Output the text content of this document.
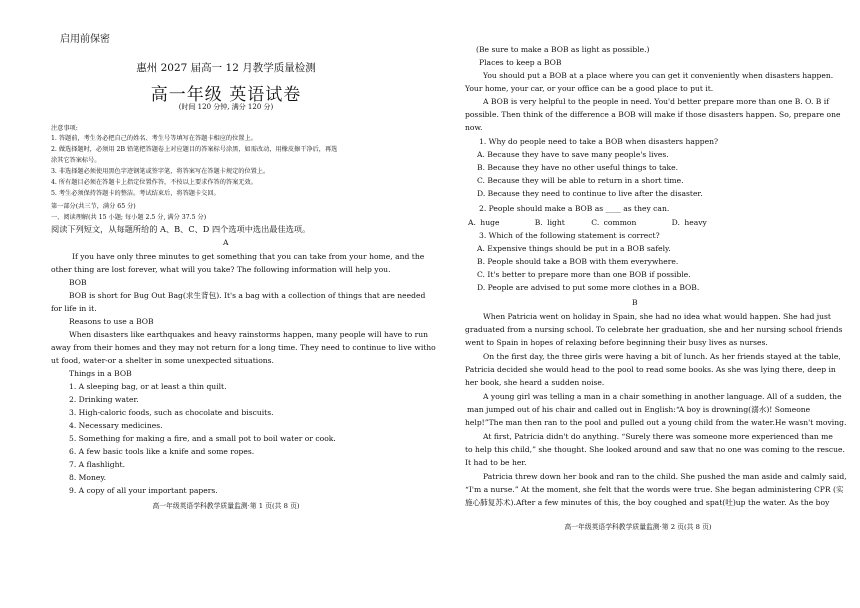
启用前保密
惠州 2027 届高一 12 月教学质量检测
高一年级 英语试卷
(时间 120 分钟, 满分 120 分)
注意事项:
1. 答题前，考生务必把自己的姓名、考生号等填写在答题卡相应的位置上。
2. 做选择题时，必须用 2B 铅笔把答题卷上对应题目的答案标号涂黑，如需改动，用橡皮擦干净后，再选
涂其它答案标号。
3. 非选择题必须使用黑色字迹钢笔或签字笔，将答案写在答题卡规定的位置上。
4. 所有题目必须在答题卡上指定位置作答，不按以上要求作答的答案无效。
5. 考生必须保持答题卡的整洁。考试结束后，将答题卡交回。
第一部分(共三节，满分 65 分)
一、阅读理解(共 15 小题; 每小题 2.5 分, 满分 37.5 分)
阅读下列短文，从每题所给的 A、B、C、D 四个选项中选出最佳选项。
A
If you have only three minutes to get something that you can take from your home, and the
other thing are lost forever, what will you take? The following information will help you.
BOB
BOB is short for Bug Out Bag(求生背包). It's a bag with a collection of things that are needed
for life in it.
Reasons to use a BOB
When disasters like earthquakes and heavy rainstorms happen, many people will have to run
away from their homes and they may not return for a long time. They need to continue to live witho
ut food, water-or a shelter in some unexpected situations.
Things in a BOB
1. A sleeping bag, or at least a thin quilt.
2. Drinking water.
3. High-caloric foods, such as chocolate and biscuits.
4. Necessary medicines.
5. Something for making a fire, and a small pot to boil water or cook.
6. A few basic tools like a knife and some ropes.
7. A flashlight.
8. Money.
9. A copy of all your important papers.
高一年级英语学科教学质量监测·第 1 页(共 8 页)
(Be sure to make a BOB as light as possible.)
Places to keep a BOB
You should put a BOB at a place where you can get it conveniently when disasters happen.
Your home, your car, or your office can be a good place to put it.
A BOB is very helpful to the people in need. You'd better prepare more than one B. O. B if
possible. Then think of the difference a BOB will make if those disasters happen. So, prepare one
now.
1. Why do people need to take a BOB when disasters happen?
A. Because they have to save many people's lives.
B. Because they have no other useful things to take.
C. Because they will be able to return in a short time.
D. Because they need to continue to live after the disaster.
2. People should make a BOB as ____ as they can.
A. huge        B. light      C. common        D. heavy
3. Which of the following statement is correct?
A. Expensive things should be put in a BOB safely.
B. People should take a BOB with them everywhere.
C. It's better to prepare more than one BOB if possible.
D. People are advised to put some more clothes in a BOB.
B
When Patricia went on holiday in Spain, she had no idea what would happen. She had just
graduated from a nursing school. To celebrate her graduation, she and her nursing school friends
went to Spain in hopes of relaxing before beginning their busy lives as nurses.
On the first day, the three girls were having a bit of lunch. As her friends stayed at the table,
Patricia decided she would head to the pool to read some books. As she was lying there, deep in
her book, she heard a sudden noise.
A young girl was telling a man in a chair something in another language. All of a sudden, the
man jumped out of his chair and called out in English:“A boy is drowning(溺水)! Someone
help!”The man then ran to the pool and pulled out a young child from the water.He wasn't moving.
At first, Patricia didn't do anything. “Surely there was someone more experienced than me
to help this child,” she thought. She looked around and saw that no one was coming to the rescue.
It had to be her.
Patricia threw down her book and ran to the child. She pushed the man aside and calmly said,
“I'm a nurse.” At the moment, she felt that the words were true. She began administering CPR (实
施心肺复苏术).After a few minutes of this, the boy coughed and spat(吐)up the water. As the boy
高一年级英语学科教学质量监测·第 2 页(共 8 页)
